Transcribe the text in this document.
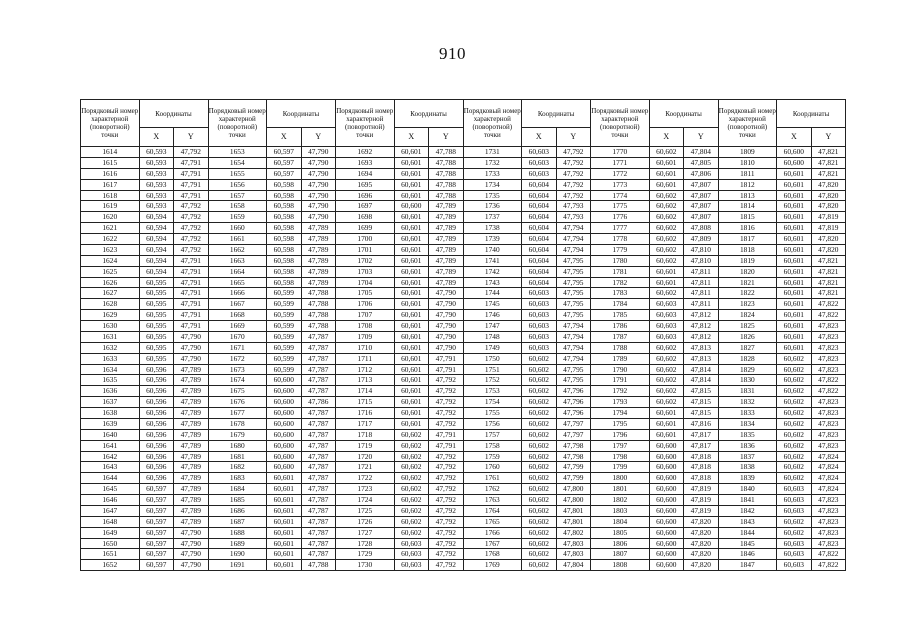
910
Порядковый номер характерной (поворотной) точки	Координаты		Порядковый номер характерной (поворотной) точки	Координаты		Порядковый номер характерной (поворотной) точки	Координаты		Порядковый номер характерной (поворотной) точки	Координаты		Порядковый номер характерной (поворотной) точки	Координаты		Порядковый номер характерной (поворотной) точки	Координаты	
	X	Y		X	Y		X	Y		X	Y		X	Y		X	Y
1614	60,593	47,792	1653	60,597	47,790	1692	60,601	47,788	1731	60,603	47,792	1770	60,602	47,804	1809	60,600	47,821
1615	60,593	47,791	1654	60,597	47,790	1693	60,601	47,788	1732	60,603	47,792	1771	60,601	47,805	1810	60,600	47,821
1616	60,593	47,791	1655	60,597	47,790	1694	60,601	47,788	1733	60,603	47,792	1772	60,601	47,806	1811	60,601	47,821
1617	60,593	47,791	1656	60,598	47,790	1695	60,601	47,788	1734	60,604	47,792	1773	60,601	47,807	1812	60,601	47,820
1618	60,593	47,791	1657	60,598	47,790	1696	60,601	47,788	1735	60,604	47,792	1774	60,602	47,807	1813	60,601	47,820
1619	60,593	47,792	1658	60,598	47,790	1697	60,600	47,789	1736	60,604	47,793	1775	60,602	47,807	1814	60,601	47,820
1620	60,594	47,792	1659	60,598	47,790	1698	60,601	47,789	1737	60,604	47,793	1776	60,602	47,807	1815	60,601	47,819
1621	60,594	47,792	1660	60,598	47,789	1699	60,601	47,789	1738	60,604	47,794	1777	60,602	47,808	1816	60,601	47,819
1622	60,594	47,792	1661	60,598	47,789	1700	60,601	47,789	1739	60,604	47,794	1778	60,602	47,809	1817	60,601	47,820
1623	60,594	47,792	1662	60,598	47,789	1701	60,601	47,789	1740	60,604	47,794	1779	60,602	47,810	1818	60,601	47,820
1624	60,594	47,791	1663	60,598	47,789	1702	60,601	47,789	1741	60,604	47,795	1780	60,602	47,810	1819	60,601	47,821
1625	60,594	47,791	1664	60,598	47,789	1703	60,601	47,789	1742	60,604	47,795	1781	60,601	47,811	1820	60,601	47,821
1626	60,595	47,791	1665	60,598	47,789	1704	60,601	47,789	1743	60,604	47,795	1782	60,601	47,811	1821	60,601	47,821
1627	60,595	47,791	1666	60,599	47,788	1705	60,601	47,790	1744	60,603	47,795	1783	60,602	47,811	1822	60,601	47,821
1628	60,595	47,791	1667	60,599	47,788	1706	60,601	47,790	1745	60,603	47,795	1784	60,603	47,811	1823	60,601	47,822
1629	60,595	47,791	1668	60,599	47,788	1707	60,601	47,790	1746	60,603	47,795	1785	60,603	47,812	1824	60,601	47,822
1630	60,595	47,791	1669	60,599	47,788	1708	60,601	47,790	1747	60,603	47,794	1786	60,603	47,812	1825	60,601	47,823
1631	60,595	47,790	1670	60,599	47,787	1709	60,601	47,790	1748	60,603	47,794	1787	60,603	47,812	1826	60,601	47,823
1632	60,595	47,790	1671	60,599	47,787	1710	60,601	47,790	1749	60,603	47,794	1788	60,602	47,813	1827	60,601	47,823
1633	60,595	47,790	1672	60,599	47,787	1711	60,601	47,791	1750	60,602	47,794	1789	60,602	47,813	1828	60,602	47,823
1634	60,596	47,789	1673	60,599	47,787	1712	60,601	47,791	1751	60,602	47,795	1790	60,602	47,814	1829	60,602	47,823
1635	60,596	47,789	1674	60,600	47,787	1713	60,601	47,792	1752	60,602	47,795	1791	60,602	47,814	1830	60,602	47,822
1636	60,596	47,789	1675	60,600	47,787	1714	60,601	47,792	1753	60,602	47,796	1792	60,602	47,815	1831	60,602	47,822
1637	60,596	47,789	1676	60,600	47,786	1715	60,601	47,792	1754	60,602	47,796	1793	60,602	47,815	1832	60,602	47,823
1638	60,596	47,789	1677	60,600	47,787	1716	60,601	47,792	1755	60,602	47,796	1794	60,601	47,815	1833	60,602	47,823
1639	60,596	47,789	1678	60,600	47,787	1717	60,601	47,792	1756	60,602	47,797	1795	60,601	47,816	1834	60,602	47,823
1640	60,596	47,789	1679	60,600	47,787	1718	60,602	47,791	1757	60,602	47,797	1796	60,601	47,817	1835	60,602	47,823
1641	60,596	47,789	1680	60,600	47,787	1719	60,602	47,791	1758	60,602	47,798	1797	60,600	47,817	1836	60,602	47,823
1642	60,596	47,789	1681	60,600	47,787	1720	60,602	47,792	1759	60,602	47,798	1798	60,600	47,818	1837	60,602	47,824
1643	60,596	47,789	1682	60,600	47,787	1721	60,602	47,792	1760	60,602	47,799	1799	60,600	47,818	1838	60,602	47,824
1644	60,596	47,789	1683	60,601	47,787	1722	60,602	47,792	1761	60,602	47,799	1800	60,600	47,818	1839	60,602	47,824
1645	60,597	47,789	1684	60,601	47,787	1723	60,602	47,792	1762	60,602	47,800	1801	60,600	47,819	1840	60,603	47,824
1646	60,597	47,789	1685	60,601	47,787	1724	60,602	47,792	1763	60,602	47,800	1802	60,600	47,819	1841	60,603	47,823
1647	60,597	47,789	1686	60,601	47,787	1725	60,602	47,792	1764	60,602	47,801	1803	60,600	47,819	1842	60,603	47,823
1648	60,597	47,789	1687	60,601	47,787	1726	60,602	47,792	1765	60,602	47,801	1804	60,600	47,820	1843	60,602	47,823
1649	60,597	47,790	1688	60,601	47,787	1727	60,602	47,792	1766	60,602	47,802	1805	60,600	47,820	1844	60,602	47,823
1650	60,597	47,790	1689	60,601	47,787	1728	60,603	47,792	1767	60,602	47,803	1806	60,600	47,820	1845	60,603	47,823
1651	60,597	47,790	1690	60,601	47,787	1729	60,603	47,792	1768	60,602	47,803	1807	60,600	47,820	1846	60,603	47,822
1652	60,597	47,790	1691	60,601	47,788	1730	60,603	47,792	1769	60,602	47,804	1808	60,600	47,820	1847	60,603	47,822
